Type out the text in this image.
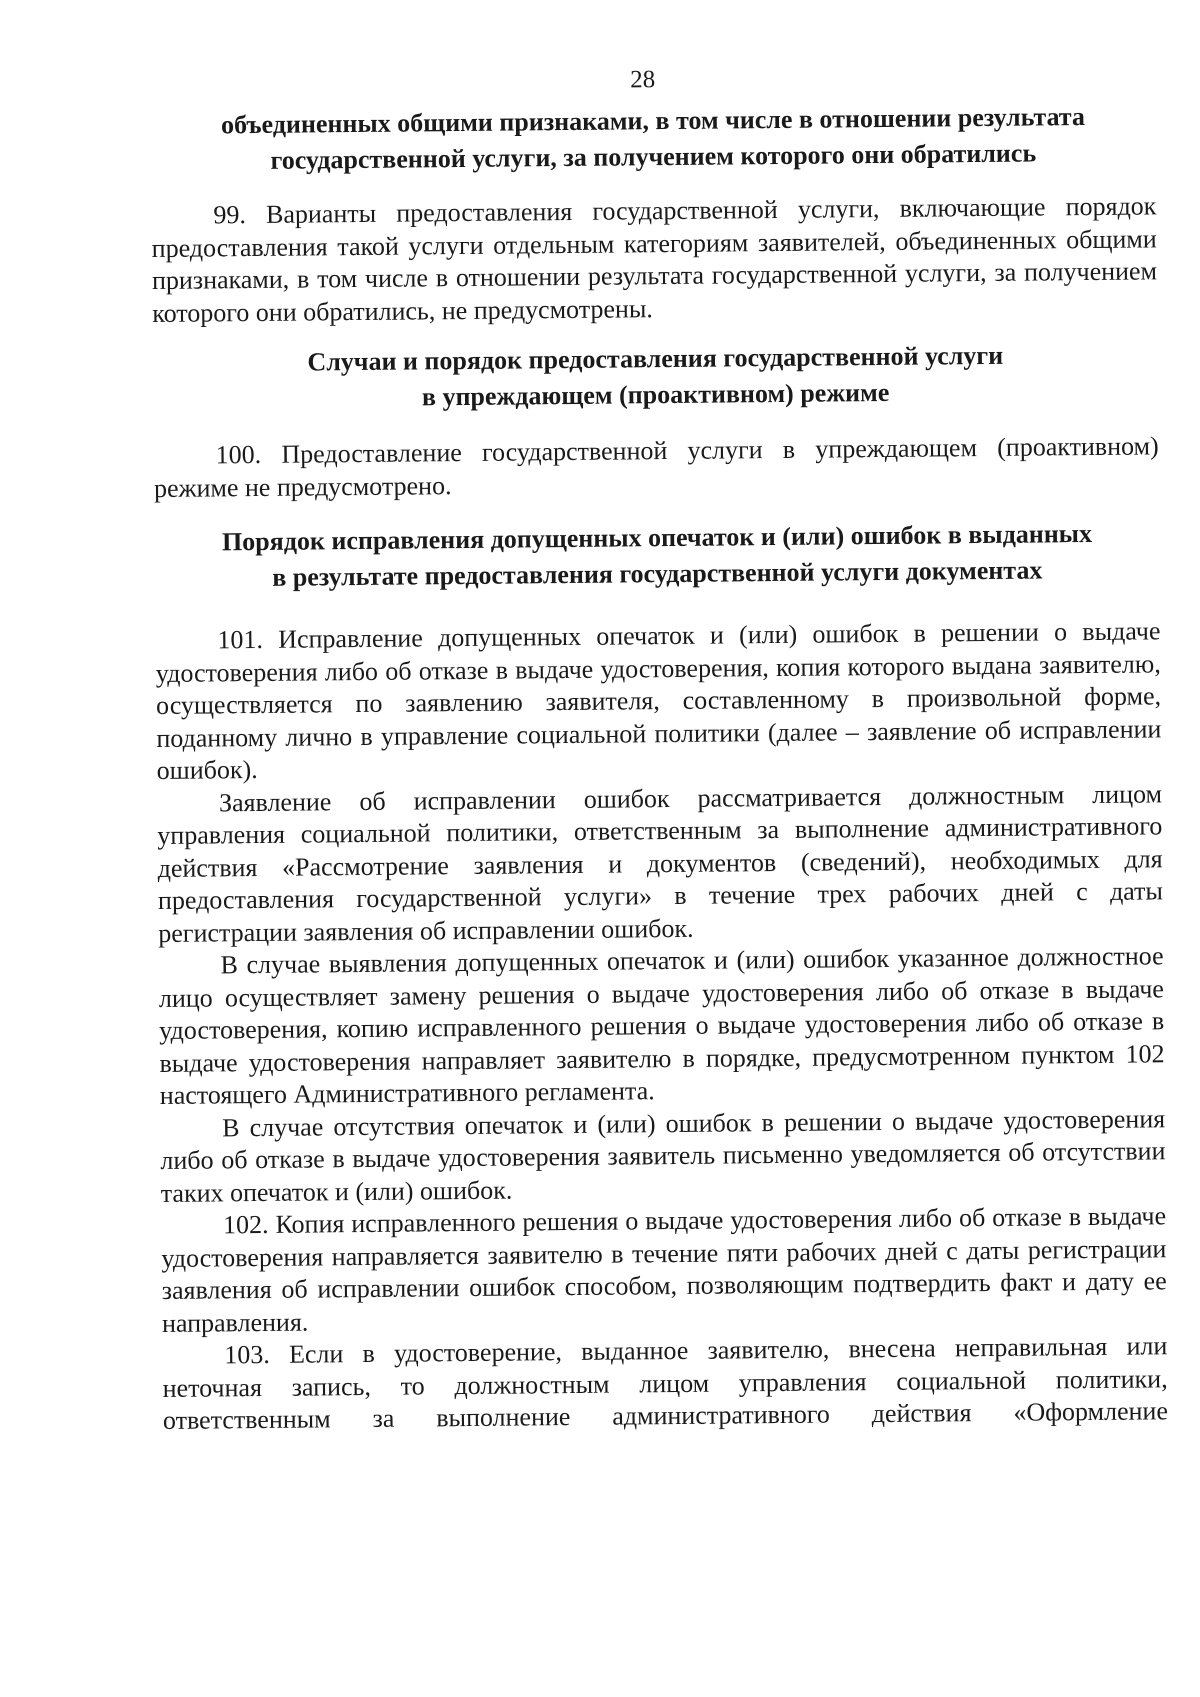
28
объединенных общими признаками, в том числе в отношении результата
государственной услуги, за получением которого они обратились

99. Варианты предоставления государственной услуги, включающие порядок предоставления такой услуги отдельным категориям заявителей, объединенных общими признаками, в том числе в отношении результата государственной услуги, за получением которого они обратились, не предусмотрены.

Случаи и порядок предоставления государственной услуги
в упреждающем (проактивном) режиме

100. Предоставление государственной услуги в упреждающем (проактивном) режиме не предусмотрено.

Порядок исправления допущенных опечаток и (или) ошибок в выданных
в результате предоставления государственной услуги документах

101. Исправление допущенных опечаток и (или) ошибок в решении о выдаче удостоверения либо об отказе в выдаче удостоверения, копия которого выдана заявителю, осуществляется по заявлению заявителя, составленному в произвольной форме, поданному лично в управление социальной политики (далее – заявление об исправлении ошибок).

Заявление об исправлении ошибок рассматривается должностным лицом управления социальной политики, ответственным за выполнение административного действия «Рассмотрение заявления и документов (сведений), необходимых для предоставления государственной услуги» в течение трех рабочих дней с даты регистрации заявления об исправлении ошибок.

В случае выявления допущенных опечаток и (или) ошибок указанное должностное лицо осуществляет замену решения о выдаче удостоверения либо об отказе в выдаче удостоверения, копию исправленного решения о выдаче удостоверения либо об отказе в выдаче удостоверения направляет заявителю в порядке, предусмотренном пунктом 102 настоящего Административного регламента.

В случае отсутствия опечаток и (или) ошибок в решении о выдаче удостоверения либо об отказе в выдаче удостоверения заявитель письменно уведомляется об отсутствии таких опечаток и (или) ошибок.

102. Копия исправленного решения о выдаче удостоверения либо об отказе в выдаче удостоверения направляется заявителю в течение пяти рабочих дней с даты регистрации заявления об исправлении ошибок способом, позволяющим подтвердить факт и дату ее направления.

103. Если в удостоверение, выданное заявителю, внесена неправильная или неточная запись, то должностным лицом управления социальной политики, ответственным за выполнение административного действия «Оформление
